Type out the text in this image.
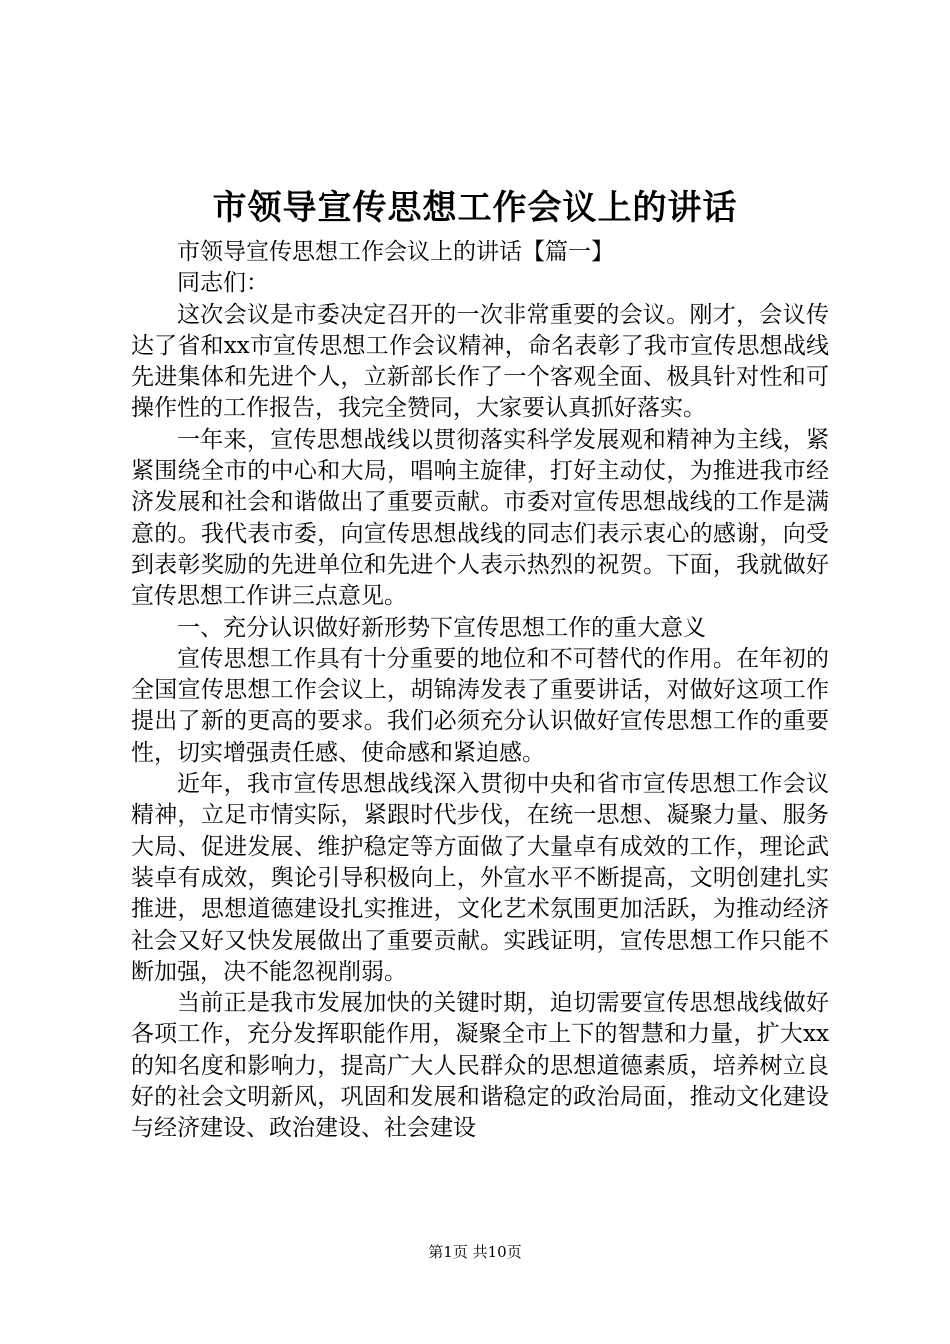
市领导宣传思想工作会议上的讲话

市领导宣传思想工作会议上的讲话【篇一】

同志们：

这次会议是市委决定召开的一次非常重要的会议。刚才，会议传达了省和xx市宣传思想工作会议精神，命名表彰了我市宣传思想战线先进集体和先进个人，立新部长作了一个客观全面、极具针对性和可操作性的工作报告，我完全赞同，大家要认真抓好落实。

一年来，宣传思想战线以贯彻落实科学发展观和精神为主线，紧紧围绕全市的中心和大局，唱响主旋律，打好主动仗，为推进我市经济发展和社会和谐做出了重要贡献。市委对宣传思想战线的工作是满意的。我代表市委，向宣传思想战线的同志们表示衷心的感谢，向受到表彰奖励的先进单位和先进个人表示热烈的祝贺。下面，我就做好宣传思想工作讲三点意见。

一、充分认识做好新形势下宣传思想工作的重大意义

宣传思想工作具有十分重要的地位和不可替代的作用。在年初的全国宣传思想工作会议上，胡锦涛发表了重要讲话，对做好这项工作提出了新的更高的要求。我们必须充分认识做好宣传思想工作的重要性，切实增强责任感、使命感和紧迫感。

近年，我市宣传思想战线深入贯彻中央和省市宣传思想工作会议精神，立足市情实际，紧跟时代步伐，在统一思想、凝聚力量、服务大局、促进发展、维护稳定等方面做了大量卓有成效的工作，理论武装卓有成效，舆论引导积极向上，外宣水平不断提高，文明创建扎实推进，思想道德建设扎实推进，文化艺术氛围更加活跃，为推动经济社会又好又快发展做出了重要贡献。实践证明，宣传思想工作只能不断加强，决不能忽视削弱。

当前正是我市发展加快的关键时期，迫切需要宣传思想战线做好各项工作，充分发挥职能作用，凝聚全市上下的智慧和力量，扩大xx的知名度和影响力，提高广大人民群众的思想道德素质，培养树立良好的社会文明新风，巩固和发展和谐稳定的政治局面，推动文化建设与经济建设、政治建设、社会建设

第1页 共10页
